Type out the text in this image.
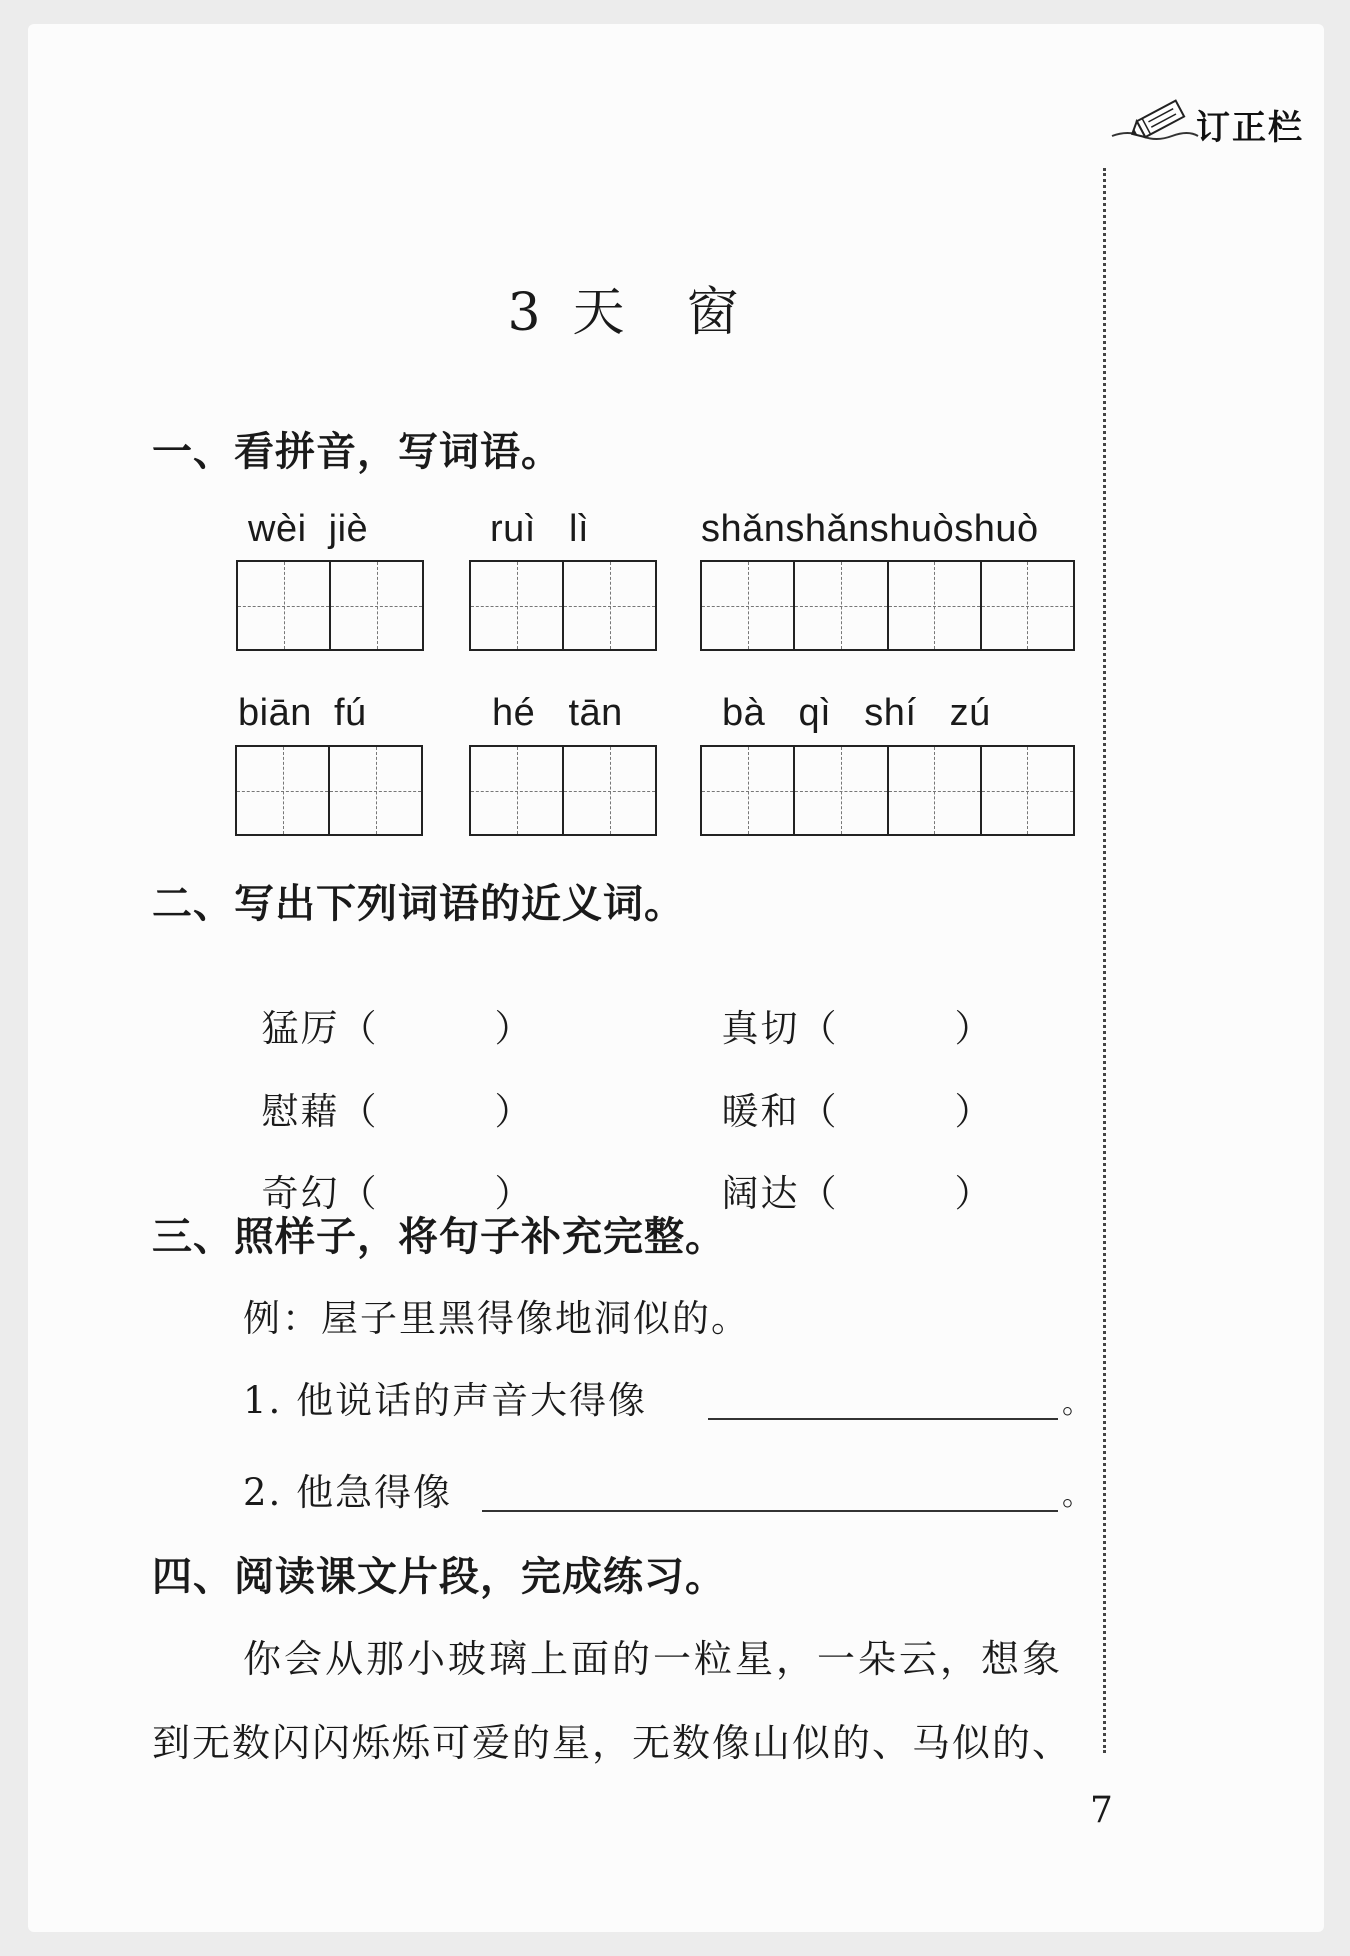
订正栏
3 天 窗
一、看拼音，写词语。
wèi  jiè	ruì   lì	shǎnshǎnshuòshuò
biān  fú	hé   tān	bà   qì   shí   zú
二、写出下列词语的近义词。

猛厉（	）	真切（	）

慰藉（	）	暖和（	）

奇幻（	）	阔达（	）

三、照样子，将句子补充完整。
例：屋子里黑得像地洞似的。
1. 他说话的声音大得像	。
2. 他急得像	。
四、阅读课文片段，完成练习。
你会从那小玻璃上面的一粒星，一朵云，想象
到无数闪闪烁烁可爱的星，无数像山似的、马似的、
7
